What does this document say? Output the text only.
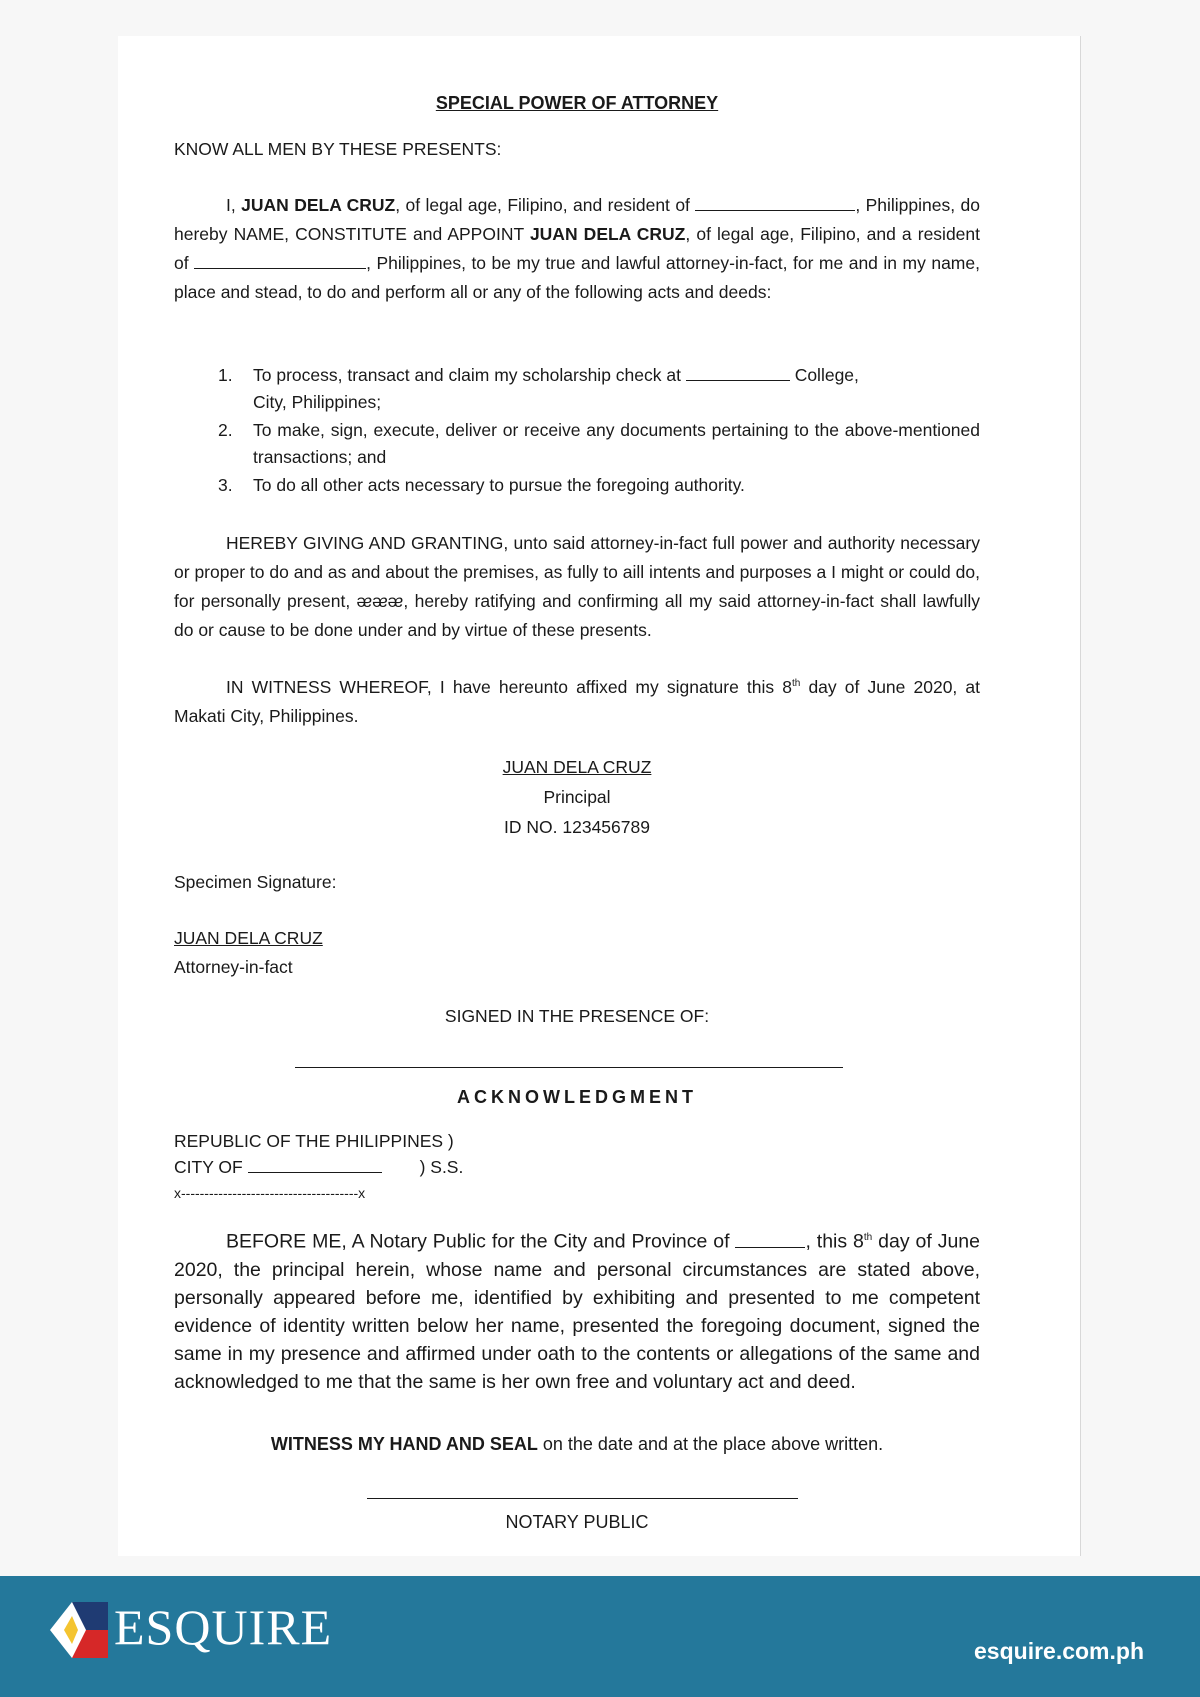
SPECIAL POWER OF ATTORNEY
KNOW ALL MEN BY THESE PRESENTS:
I, JUAN DELA CRUZ, of legal age, Filipino, and resident of	, Philippines, do hereby NAME, CONSTITUTE and APPOINT JUAN DELA CRUZ, of legal age, Filipino, and a resident of	, Philippines, to be my true and lawful attorney-in-fact, for me and in my name, place and stead, to do and perform all or any of the following acts and deeds:
1.	To process, transact and claim my scholarship check at	College,
City, Philippines;
2.	To make, sign, execute, deliver or receive any documents pertaining to the above-mentioned transactions; and
3.	To do all other acts necessary to pursue the foregoing authority.
HEREBY GIVING AND GRANTING, unto said attorney-in-fact full power and authority necessary or proper to do and as and about the premises, as fully to aill intents and purposes a I might or could do, for personally present, ᴂᴂᴂ, hereby ratifying and confirming all my said attorney-in-fact shall lawfully do or cause to be done under and by virtue of these presents.
IN WITNESS WHEREOF, I have hereunto affixed my signature this 8th day of June 2020, at Makati City, Philippines.
JUAN DELA CRUZ
Principal
ID NO. 123456789
Specimen Signature:
JUAN DELA CRUZ
Attorney-in-fact
SIGNED IN THE PRESENCE OF:
ACKNOWLEDGMENT
REPUBLIC OF THE PHILIPPINES )
CITY OF	) S.S.
x--------------------------------------x
BEFORE ME, A Notary Public for the City and Province of	, this 8th day of June 2020, the principal herein, whose name and personal circumstances are stated above, personally appeared before me, identified by exhibiting and presented to me competent evidence of identity written below her name, presented the foregoing document, signed the same in my presence and affirmed under oath to the contents or allegations of the same and acknowledged to me that the same is her own free and voluntary act and deed.
WITNESS MY HAND AND SEAL on the date and at the place above written.
NOTARY PUBLIC
ESQUIRE	esquire.com.ph
